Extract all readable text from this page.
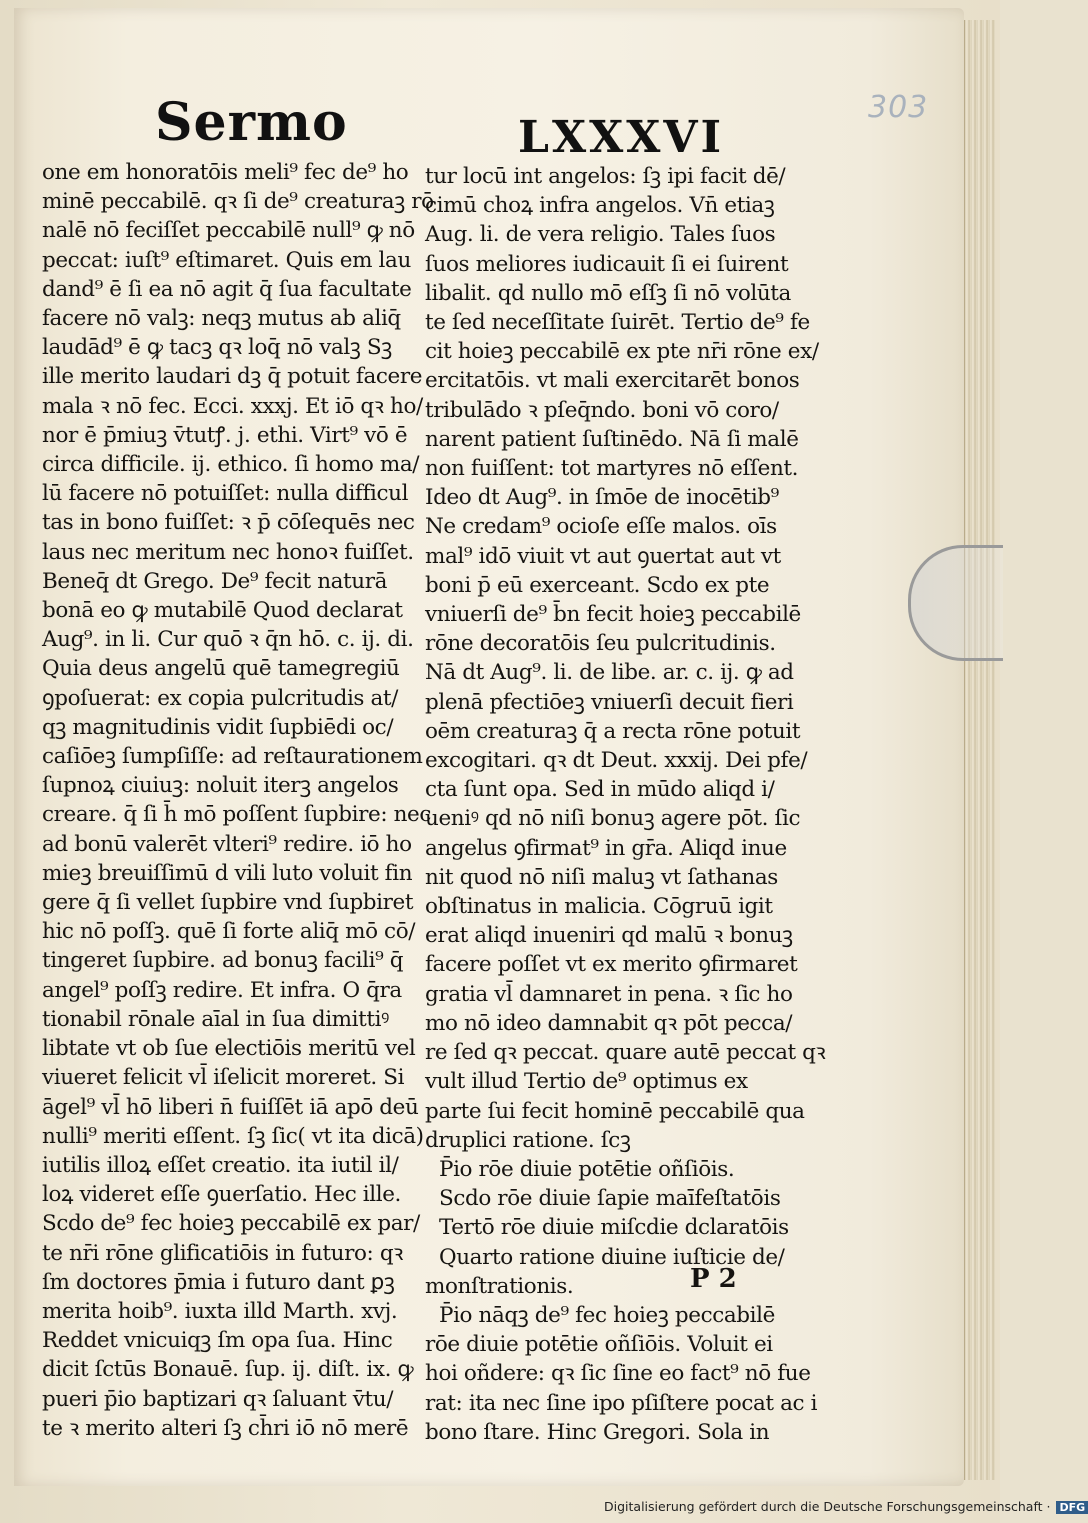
303
Sermo	LXXXVI
one em honoratōis meli⁹ fec de⁹ ho
minē peccabilē. qꝛ ſi de⁹ creaturaꝫ rō
nalē nō feciſſet peccabilē null⁹ ꝙ nō
peccat: iuſt⁹ eſtimaret. Quis em lau
dand⁹ ē ſi ea nō agit q̄ ſua facultate
facere nō valꝫ: neqꝫ mutus ab aliq̄
laudād⁹ ē ꝙ tacꝫ qꝛ loq̄ nō valꝫ Sꝫ
ille merito laudari dꝫ q̄ potuit facere
mala ꝛ nō fec. Ecci. xxxj. Et iō qꝛ ho/
nor ē p̄miuꝫ v̄tutꝭ. j. ethi. Virt⁹ vō ē
circa difficile. ij. ethico. ſi homo ma/
lū facere nō potuiſſet: nulla difficul
tas in bono fuiſſet: ꝛ p̄ cōſequēs nec
laus nec meritum nec honoꝛ fuiſſet.
Beneq̄ dt Grego. De⁹ fecit naturā
bonā eo ꝙ mutabilē Quod declarat
Aug⁹. in li. Cur quō ꝛ q̄n hō. c. ij. di.
Quia deus angelū quē tamegregiū
ꝯpoſuerat: ex copia pulcritudis at/
qꝫ magnitudinis vidit ſupbiēdi oc/
caſiōeꝫ ſumpſiſſe: ad reſtaurationem
ſupnoꝝ ciuiuꝫ: noluit iterꝫ angelos
creare. q̄ ſi h̄ mō poſſent ſupbire: nec
ad bonū valerēt vlteri⁹ redire. iō ho
mieꝫ breuiſſimū d vili luto voluit fin
gere q̄ ſi vellet ſupbire vnd ſupbiret
hic nō poſſꝫ. quē ſi forte aliq̄ mō cō/
tingeret ſupbire. ad bonuꝫ facili⁹ q̄
angel⁹ poſſꝫ redire. Et infra. O q̄ra
tionabil rōnale aīal in ſua dimittiꝰ
libtate vt ob ſue electiōis meritū vel
viueret felicit vl̄ iſelicit moreret. Si
āgel⁹ vl̄ hō liberi n̄ fuiſſēt iā apō deū
nulli⁹ meriti eſſent. ſꝫ ſic( vt ita dicā)
iutilis illoꝝ eſſet creatio. ita iutil il/
loꝝ videret eſſe ꝯuerſatio. Hec ille.
Scdo de⁹ fec hoieꝫ peccabilē ex par/
te nr̄i rōne glificatiōis in futuro: qꝛ
ſm doctores p̄mia i futuro dant ꝑꝫ
merita hoib⁹. iuxta illd Marth. xvj.
Reddet vnicuiqꝫ ſm opa ſua. Hinc
dicit ſctūs Bonauē. ſup. ij. diſt. ix. ꝙ
pueri p̄io baptizari qꝛ ſaluant v̄tu/
te ꝛ merito alteri ſꝫ ch̄ri iō nō merē
tur locū int angelos: ſꝫ ipi facit dē/
cimū choꝝ infra angelos. Vn̄ etiaꝫ
Aug. li. de vera religio. Tales ſuos
ſuos meliores iudicauit ſi ei ſuirent
libalit. qd nullo mō eſſꝫ ſi nō volūta
te ſed neceſſitate ſuirēt. Tertio de⁹ fe
cit hoieꝫ peccabilē ex pte nr̄i rōne ex/
ercitatōis. vt mali exercitarēt bonos
tribulādo ꝛ pſeq̄ndo. boni vō coro/
narent patient ſuſtinēdo. Nā ſi malē
non fuiſſent: tot martyres nō eſſent.
Ideo dt Aug⁹. in ſmōe de inocētib⁹
Ne credam⁹ ocioſe eſſe malos. oīs
mal⁹ idō viuit vt aut ꝯuertat aut vt
boni p̄ eū exerceant. Scdo ex pte
vniuerſi de⁹ b̄n fecit hoieꝫ peccabilē
rōne decoratōis ſeu pulcritudinis.
Nā dt Aug⁹. li. de libe. ar. c. ij. ꝙ ad
plenā pfectiōeꝫ vniuerſi decuit fieri
oēm creaturaꝫ q̄ a recta rōne potuit
excogitari. qꝛ dt Deut. xxxij. Dei pfe/
cta ſunt opa. Sed in mūdo aliqd i/
ueniꝰ qd nō niſi bonuꝫ agere pōt. ſic
angelus ꝯfirmat⁹ in gr̄a. Aliqd inue
nit quod nō niſi maluꝫ vt ſathanas
obſtinatus in malicia. Cōgruū igit
erat aliqd inueniri qd malū ꝛ bonuꝫ
facere poſſet vt ex merito ꝯfirmaret
gratia vl̄ damnaret in pena. ꝛ ſic ho
mo nō ideo damnabit qꝛ pōt pecca/
re ſed qꝛ peccat. quare autē peccat qꝛ
vult illud Tertio de⁹ optimus ex
parte ſui fecit hominē peccabilē qua
druplici ratione. ſcꝫ
P̄io rōe diuie potētie oñſiōis.
Scdo rōe diuie ſapie maīfeſtatōis
Tertō rōe diuie miſcdie dclaratōis
Quarto ratione diuine iuſticie de/
monſtrationis.
P̄io nāqꝫ de⁹ fec hoieꝫ peccabilē
rōe diuie potētie oñſiōis. Voluit ei
hoi oñdere: qꝛ ſic ſine eo fact⁹ nō fue
rat: ita nec ſine ipo pſiſtere pocat ac i
bono ſtare. Hinc Gregori. Sola in
P 2
Digitalisierung gefördert durch die Deutsche Forschungsgemeinschaft · DFG
